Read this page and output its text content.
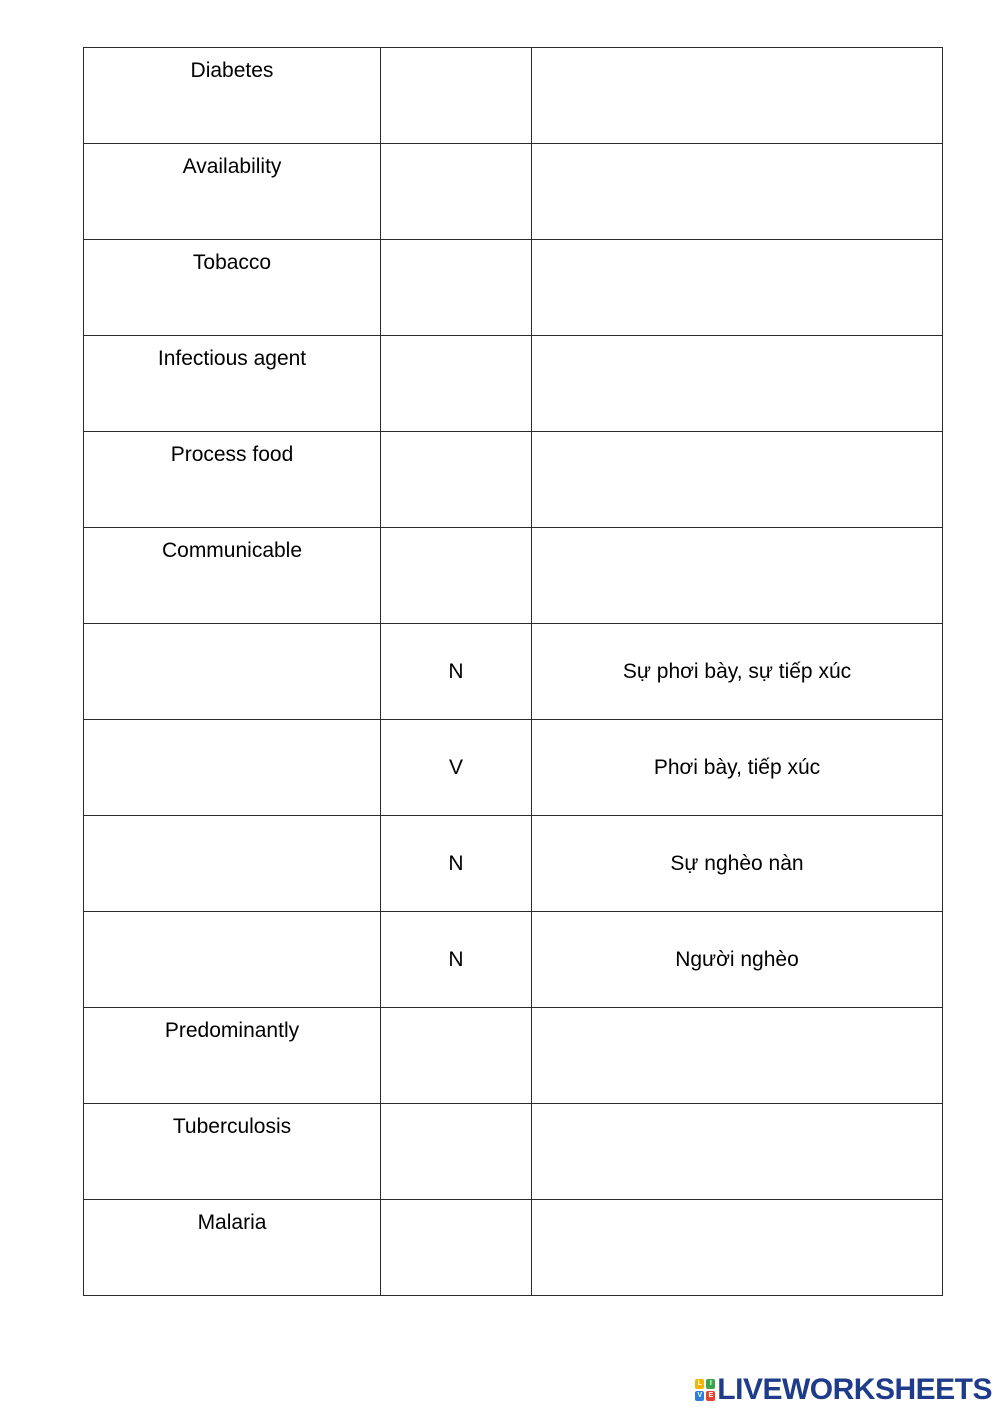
Diabetes		
Availability		
Tobacco		
Infectious agent		
Process food		
Communicable		
	N	Sự phơi bày, sự tiếp xúc
	V	Phơi bày, tiếp xúc
	N	Sự nghèo nàn
	N	Người nghèo
Predominantly		
Tuberculosis		
Malaria		
L	I
V E LIVEWORKSHEETS
